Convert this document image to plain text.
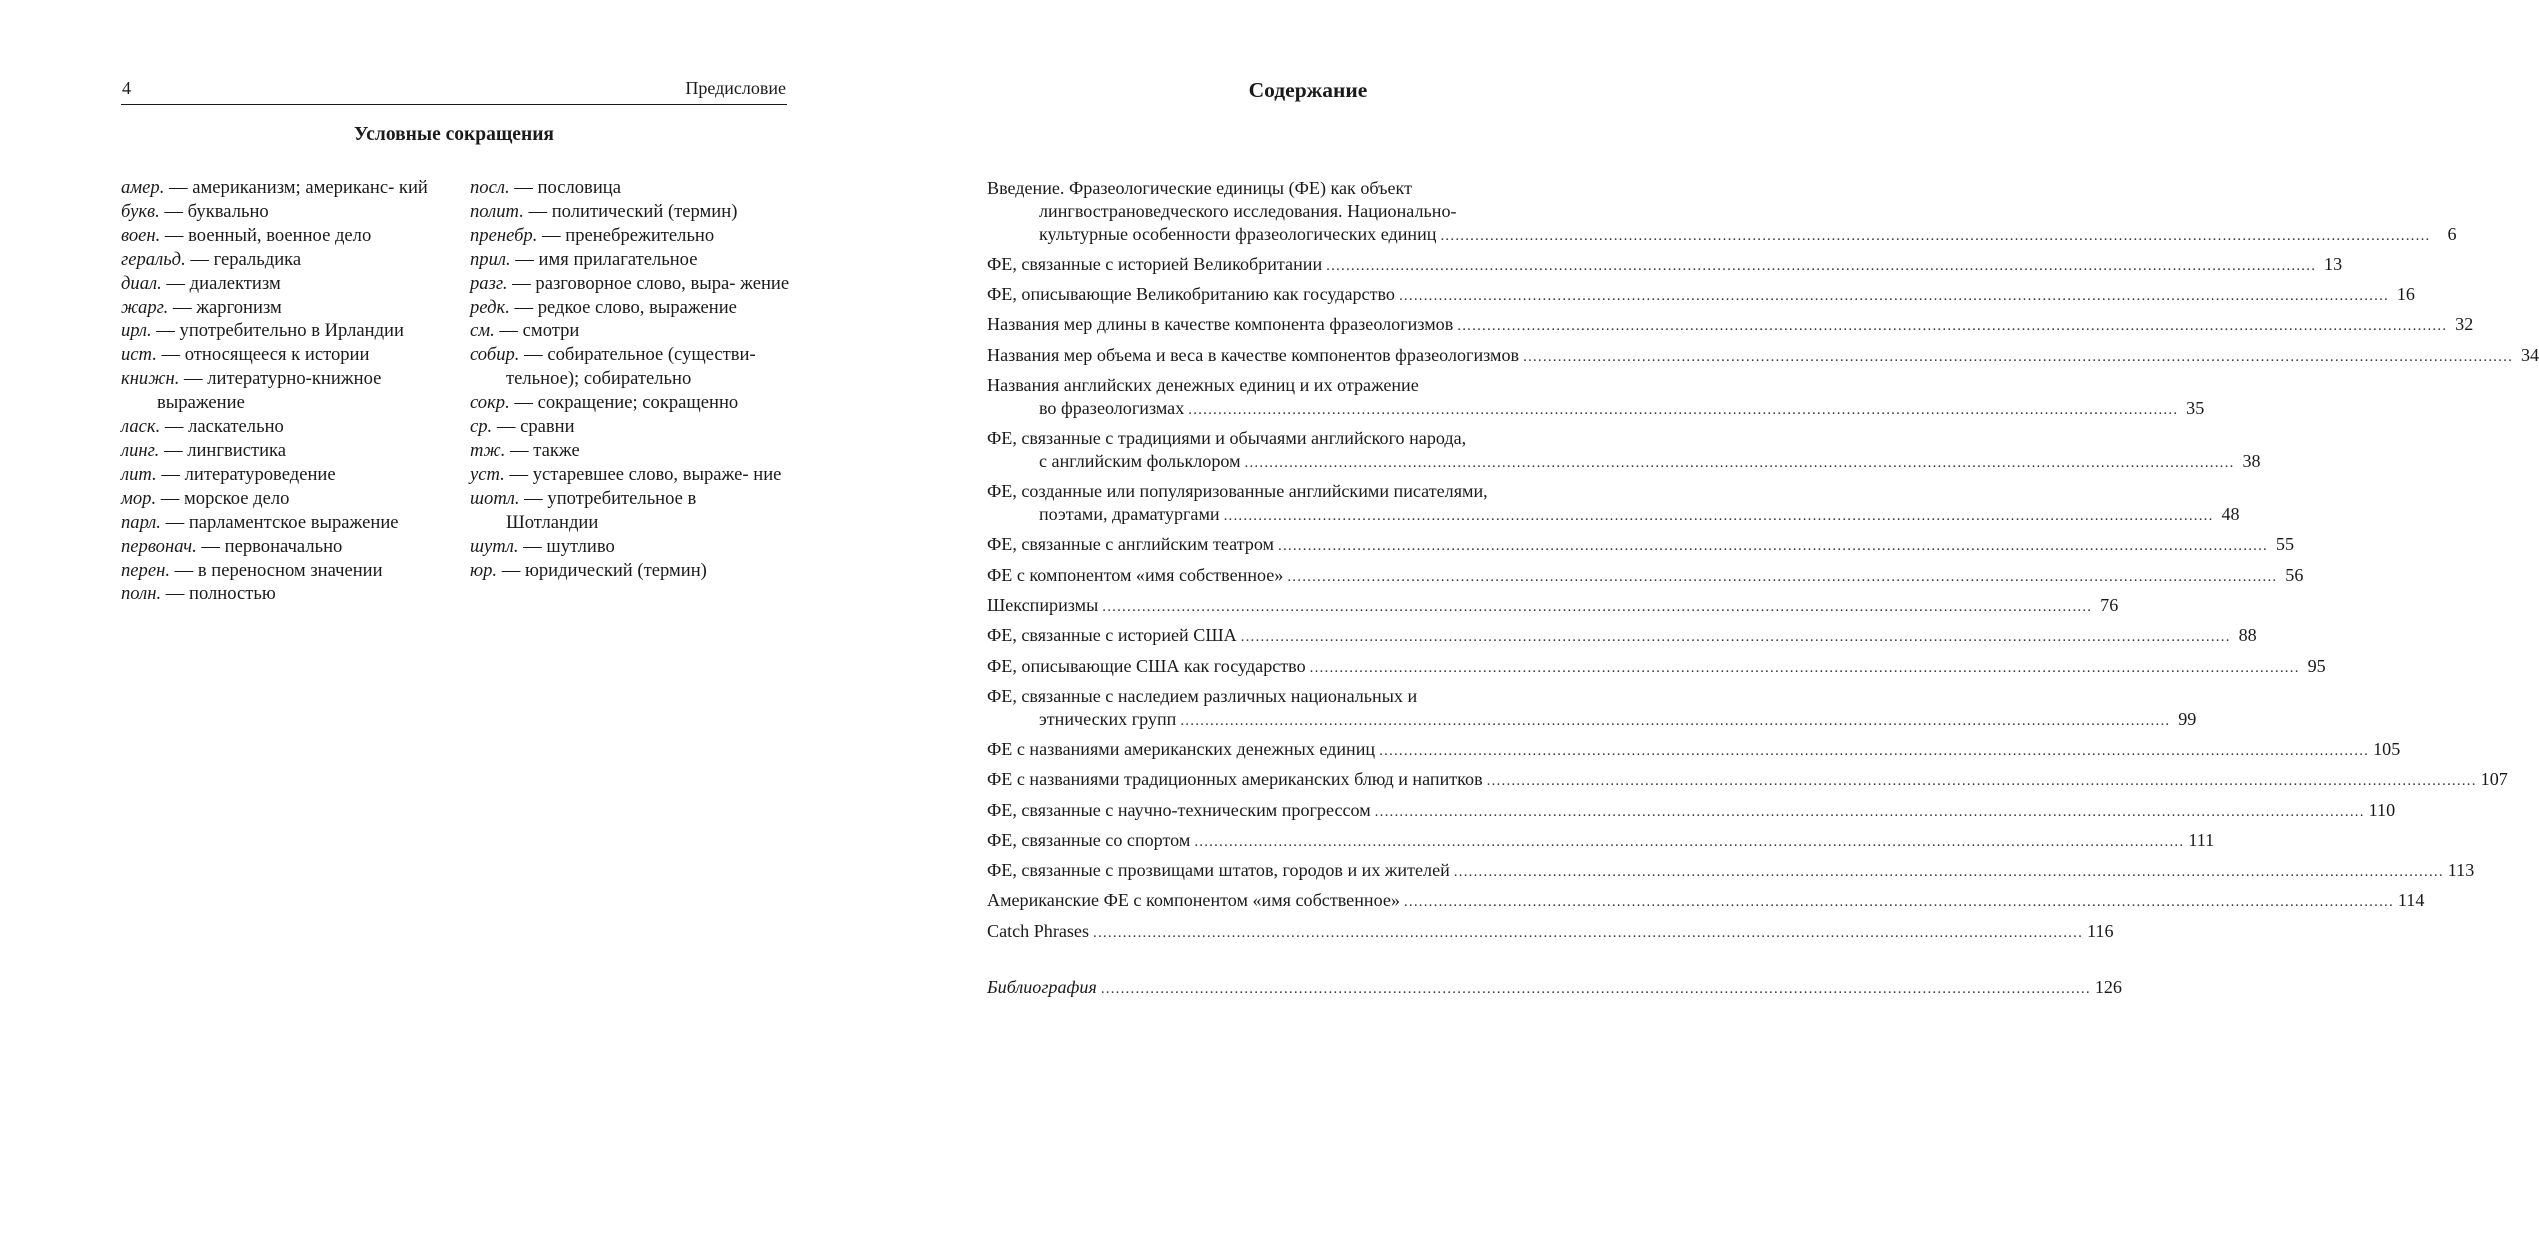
4	Предисловие
Условные сокращения
амер. — американизм; американс- кий
букв. — буквально
воен. — военный, военное дело
геральд. — геральдика
диал. — диалектизм
жарг. — жаргонизм
ирл. — употребительно в Ирландии
ист. — относящееся к истории
книжн. — литературно-книжное выражение
ласк. — ласкательно
линг. — лингвистика
лит. — литературоведение
мор. — морское дело
парл. — парламентское выражение
первонач. — первоначально
перен. — в переносном значении
полн. — полностью
посл. — пословица
полит. — политический (термин)
пренебр. — пренебрежительно
прил. — имя прилагательное
разг. — разговорное слово, выра- жение
редк. — редкое слово, выражение
см. — смотри
собир. — собирательное (существи- тельное); собирательно
сокр. — сокращение; сокращенно
ср. — сравни
тж. — также
уст. — устаревшее слово, выраже- ние
шотл. — употребительное в Шотландии
шутл. — шутливо
юр. — юридический (термин)
Содержание
Введение. Фразеологические единицы (ФЕ) как объект
лингвострановедческого исследования. Национально-
культурные особенности фразеологических единиц ........................................................................................................................................................................................................ 6
ФЕ, связанные с историей Великобритании ........................................................................................................................................................................................................ 13
ФЕ, описывающие Великобританию как государство ........................................................................................................................................................................................................ 16
Названия мер длины в качестве компонента фразеологизмов ........................................................................................................................................................................................................ 32
Названия мер объема и веса в качестве компонентов фразеологизмов ........................................................................................................................................................................................................ 34
Названия английских денежных единиц и их отражение
во фразеологизмах ........................................................................................................................................................................................................ 35
ФЕ, связанные с традициями и обычаями английского народа,
с английским фольклором ........................................................................................................................................................................................................ 38
ФЕ, созданные или популяризованные английскими писателями,
поэтами, драматургами ........................................................................................................................................................................................................ 48
ФЕ, связанные с английским театром ........................................................................................................................................................................................................ 55
ФЕ с компонентом «имя собственное» ........................................................................................................................................................................................................ 56
Шекспиризмы ........................................................................................................................................................................................................ 76
ФЕ, связанные с историей США ........................................................................................................................................................................................................ 88
ФЕ, описывающие США как государство ........................................................................................................................................................................................................ 95
ФЕ, связанные с наследием различных национальных и
этнических групп ........................................................................................................................................................................................................ 99
ФЕ с названиями американских денежных единиц ........................................................................................................................................................................................................ 105
ФЕ с названиями традиционных американских блюд и напитков ........................................................................................................................................................................................................ 107
ФЕ, связанные с научно-техническим прогрессом ........................................................................................................................................................................................................ 110
ФЕ, связанные со спортом ........................................................................................................................................................................................................ 111
ФЕ, связанные с прозвищами штатов, городов и их жителей ........................................................................................................................................................................................................ 113
Американские ФЕ с компонентом «имя собственное» ........................................................................................................................................................................................................ 114
Catch Phrases ........................................................................................................................................................................................................ 116
Библиография ........................................................................................................................................................................................................ 126
